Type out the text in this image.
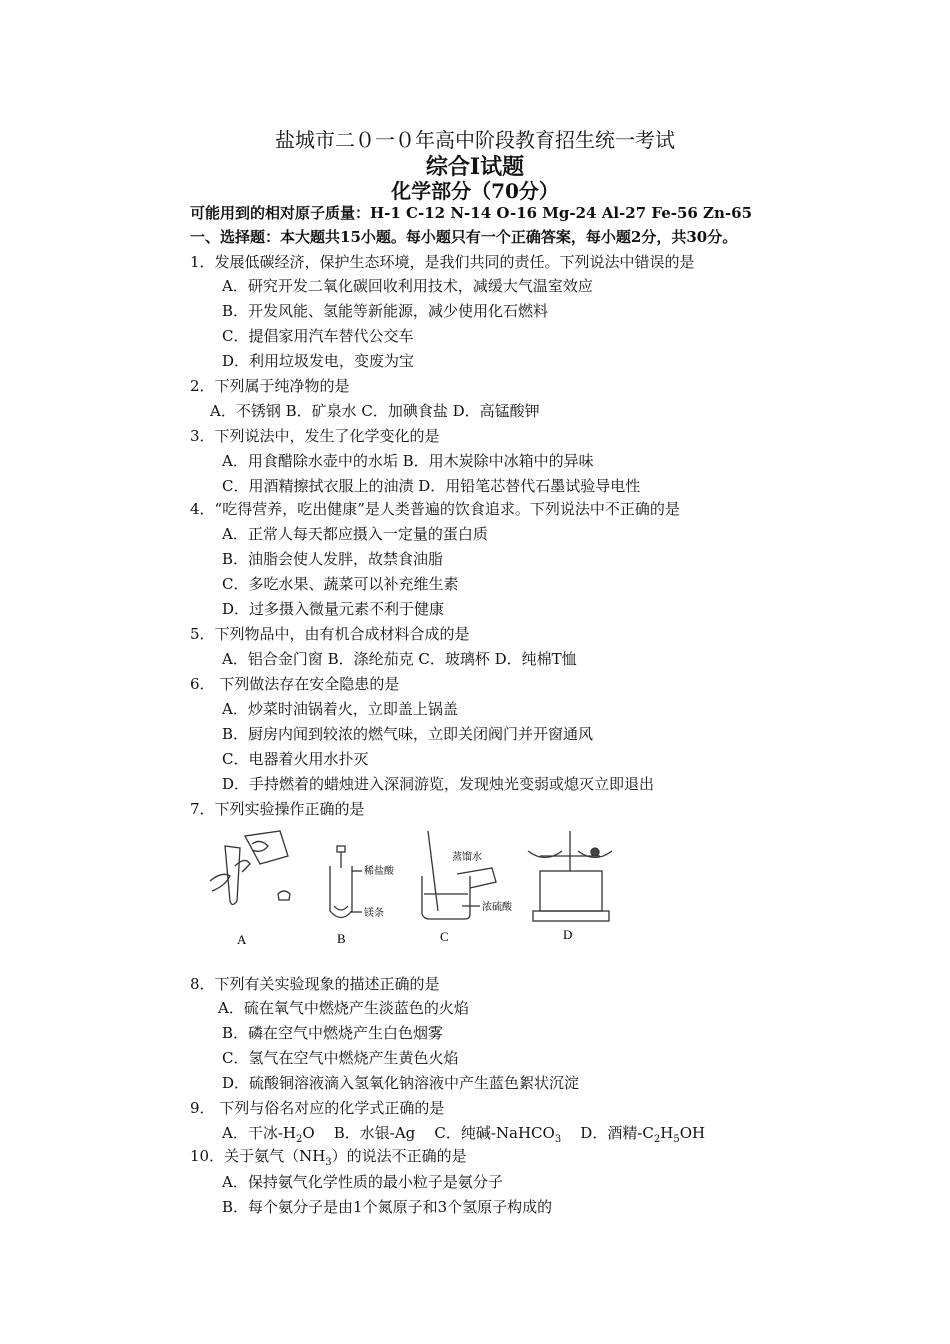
盐城市二０一０年高中阶段教育招生统一考试
综合Ⅰ试题
化学部分（70分）
可能用到的相对原子质量：H-1 C-12 N-14 O-16 Mg-24 Al-27 Fe-56 Zn-65
一、选择题：本大题共15小题。每小题只有一个正确答案，每小题2分，共30分。
1．发展低碳经济，保护生态环境，是我们共同的责任。下列说法中错误的是
A．研究开发二氧化碳回收利用技术，减缓大气温室效应
B．开发风能、氢能等新能源，减少使用化石燃料
C．提倡家用汽车替代公交车
D．利用垃圾发电，变废为宝
2．下列属于纯净物的是
A．不锈钢 B．矿泉水 C．加碘食盐 D．高锰酸钾
3．下列说法中，发生了化学变化的是
A．用食醋除水壶中的水垢 B．用木炭除中冰箱中的异味
C．用酒精擦拭衣服上的油渍 D．用铅笔芯替代石墨试验导电性
4．“吃得营养，吃出健康”是人类普遍的饮食追求。下列说法中不正确的是
A．正常人每天都应摄入一定量的蛋白质
B．油脂会使人发胖，故禁食油脂
C．多吃水果、蔬菜可以补充维生素
D．过多摄入微量元素不利于健康
5．下列物品中，由有机合成材料合成的是
A．铝合金门窗 B．涤纶茄克 C．玻璃杯 D．纯棉T恤
6． 下列做法存在安全隐患的是
A．炒菜时油锅着火，立即盖上锅盖
B．厨房内闻到较浓的燃气味，立即关闭阀门并开窗通风
C．电器着火用水扑灭
D．手持燃着的蜡烛进入深洞游览，发现烛光变弱或熄灭立即退出
7．下列实验操作正确的是
稀盐酸
镁条
蒸馏水
浓硫酸
A	B	C	D
8．下列有关实验现象的描述正确的是
A．硫在氧气中燃烧产生淡蓝色的火焰
B．磷在空气中燃烧产生白色烟雾
C．氢气在空气中燃烧产生黄色火焰
D．硫酸铜溶液滴入氢氧化钠溶液中产生蓝色絮状沉淀
9． 下列与俗名对应的化学式正确的是
A．干冰$-H_2O$ B．水银-Ag C．纯碱-NaHCO$_3$ D．酒精$-C_2H_5OH$
10．关于氨气$(NH_3)$的说法不正确的是
A．保持氨气化学性质的最小粒子是氨分子
B．每个氨分子是由1个氮原子和3个氢原子构成的
